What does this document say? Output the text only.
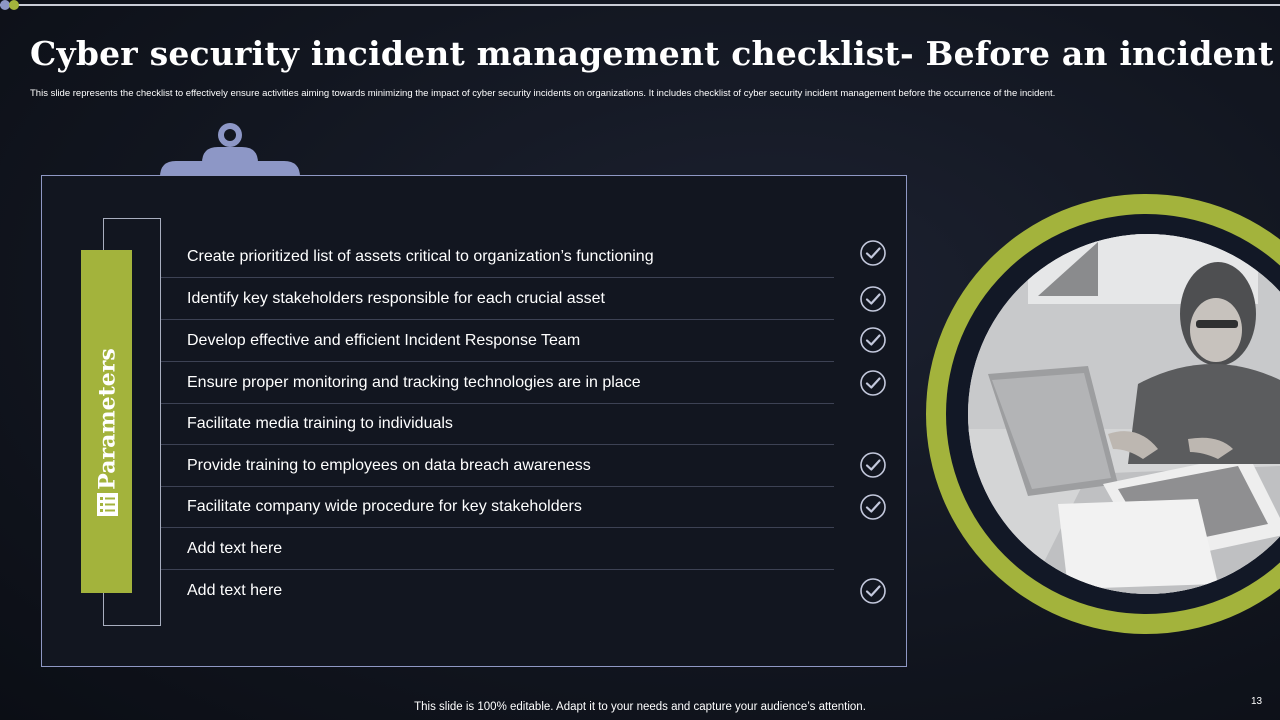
Cyber security incident management checklist- Before an incident
This slide represents the checklist to effectively ensure activities aiming towards minimizing the impact of cyber security incidents on organizations. It includes checklist of cyber security incident management before the occurrence of the incident.
Parameters
Create prioritized list of assets critical to organization’s functioning
Identify key stakeholders responsible for each crucial asset
Develop effective and efficient Incident Response Team
Ensure proper monitoring and tracking technologies are in place
Facilitate media training to individuals
Provide training to employees on data breach awareness
Facilitate company wide procedure for key stakeholders
Add text here
Add text here
This slide is 100% editable. Adapt it to your needs and capture your audience’s attention.	13
